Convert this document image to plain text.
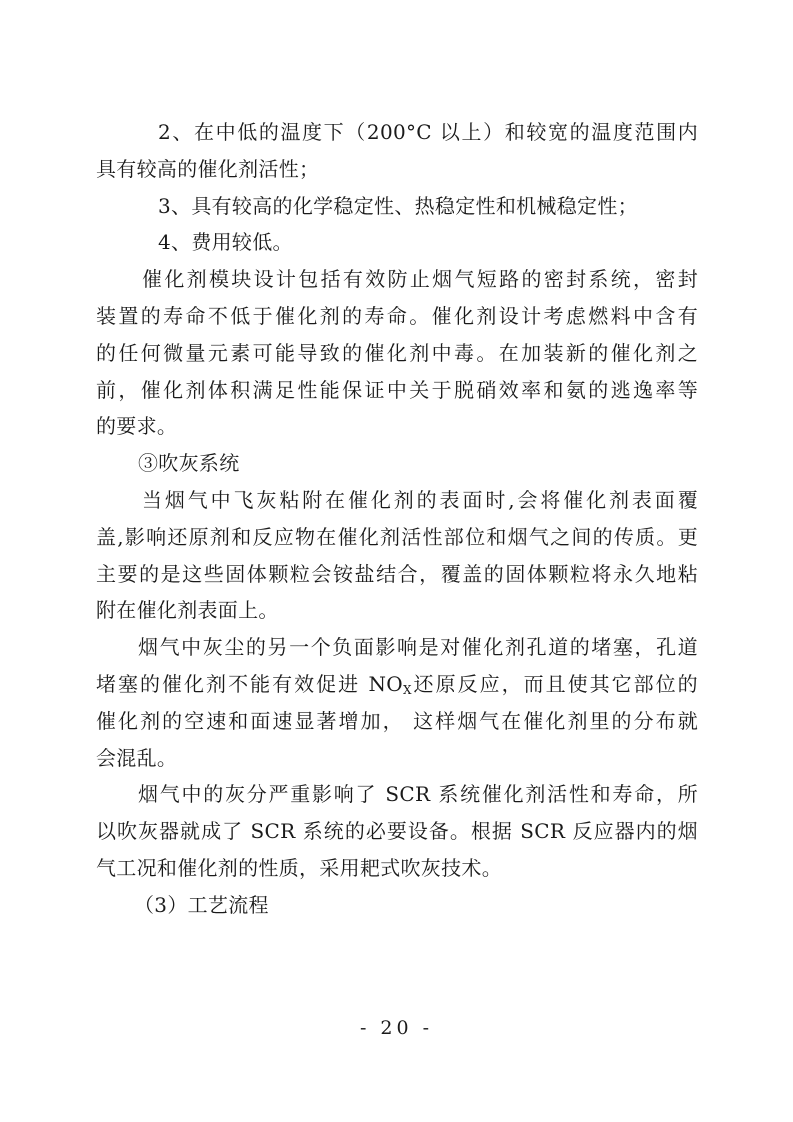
2、在中低的温度下（200°C 以上）和较宽的温度范围内
具有较高的催化剂活性；
3、具有较高的化学稳定性、热稳定性和机械稳定性；
4、费用较低。
催化剂模块设计包括有效防止烟气短路的密封系统，密封
装置的寿命不低于催化剂的寿命。催化剂设计考虑燃料中含有
的任何微量元素可能导致的催化剂中毒。在加装新的催化剂之
前，催化剂体积满足性能保证中关于脱硝效率和氨的逃逸率等
的要求。
③吹灰系统
当烟气中飞灰粘附在催化剂的表面时,会将催化剂表面覆
盖,影响还原剂和反应物在催化剂活性部位和烟气之间的传质。更
主要的是这些固体颗粒会铵盐结合，覆盖的固体颗粒将永久地粘
附在催化剂表面上。
烟气中灰尘的另一个负面影响是对催化剂孔道的堵塞，孔道
堵塞的催化剂不能有效促进 $NO_X$还原反应，而且使其它部位的
催化剂的空速和面速显著增加， 这样烟气在催化剂里的分布就
会混乱。
烟气中的灰分严重影响了 SCR 系统催化剂活性和寿命，所
以吹灰器就成了 SCR 系统的必要设备。根据 SCR 反应器内的烟
气工况和催化剂的性质，采用耙式吹灰技术。
（3）工艺流程
- 20 -
